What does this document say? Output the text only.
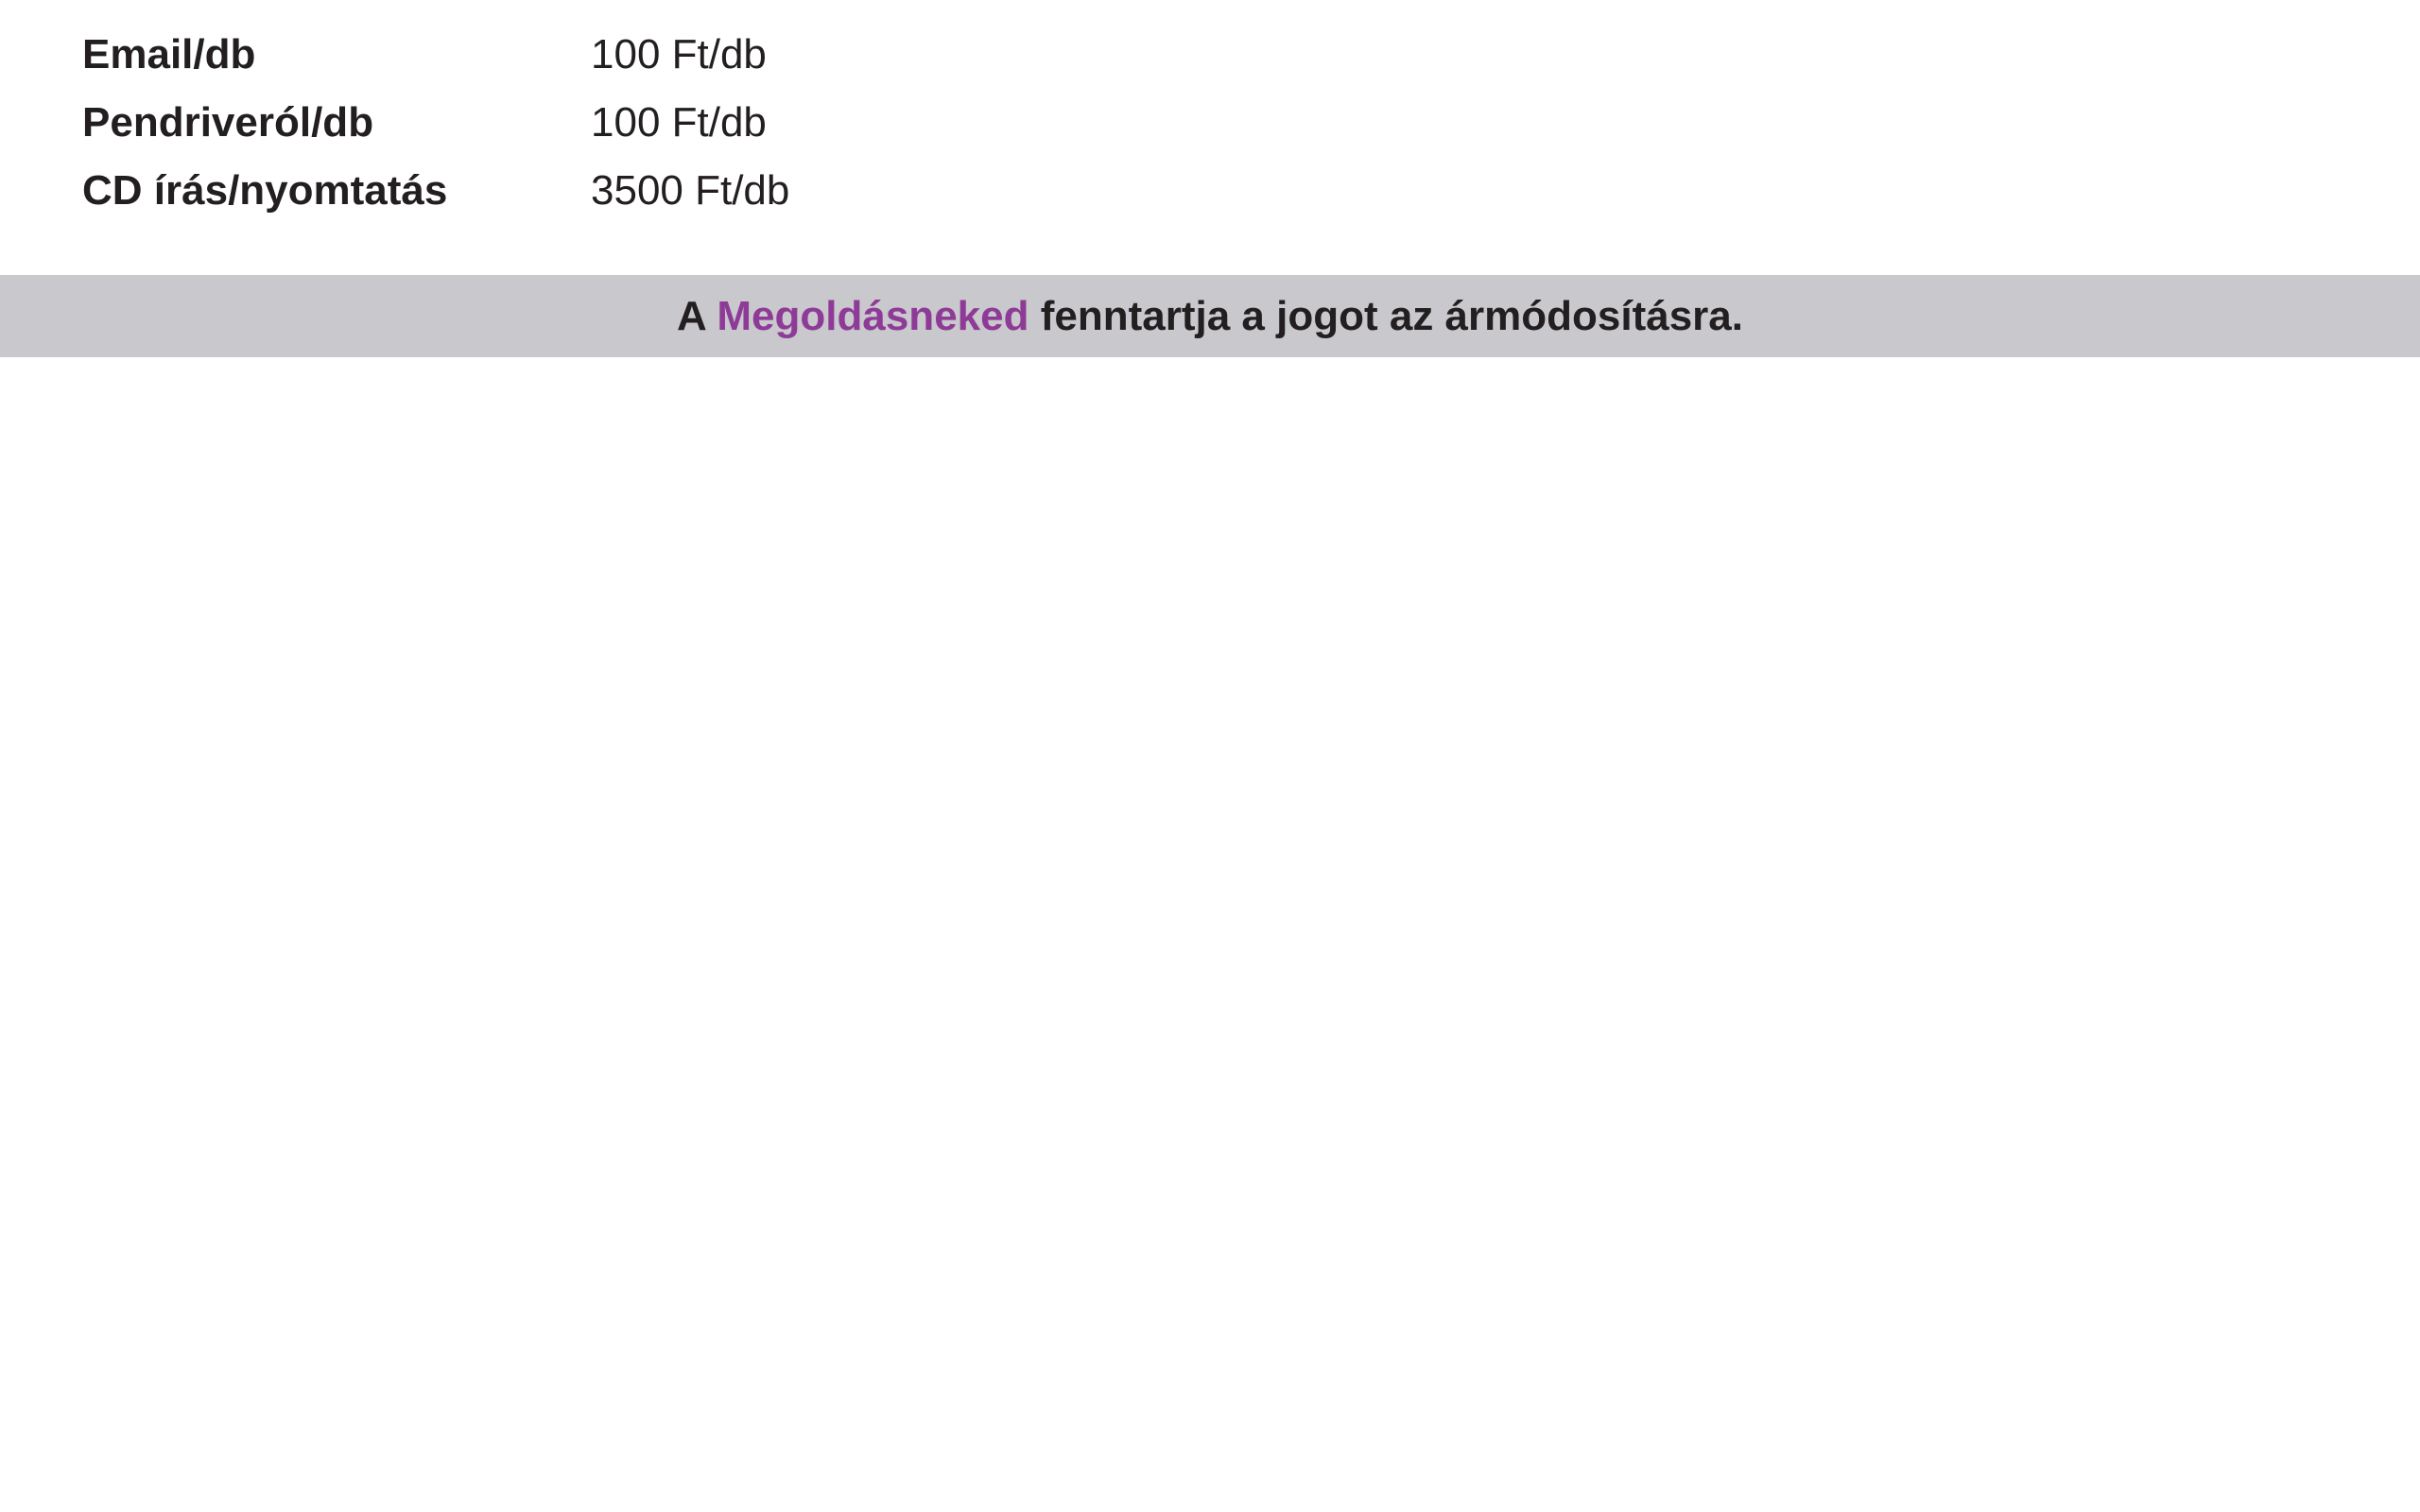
Email/db	100 Ft/db
Pendriveról/db	100 Ft/db
CD írás/nyomtatás	3500 Ft/db
A Megoldásneked fenntartja a jogot az ármódosításra.
